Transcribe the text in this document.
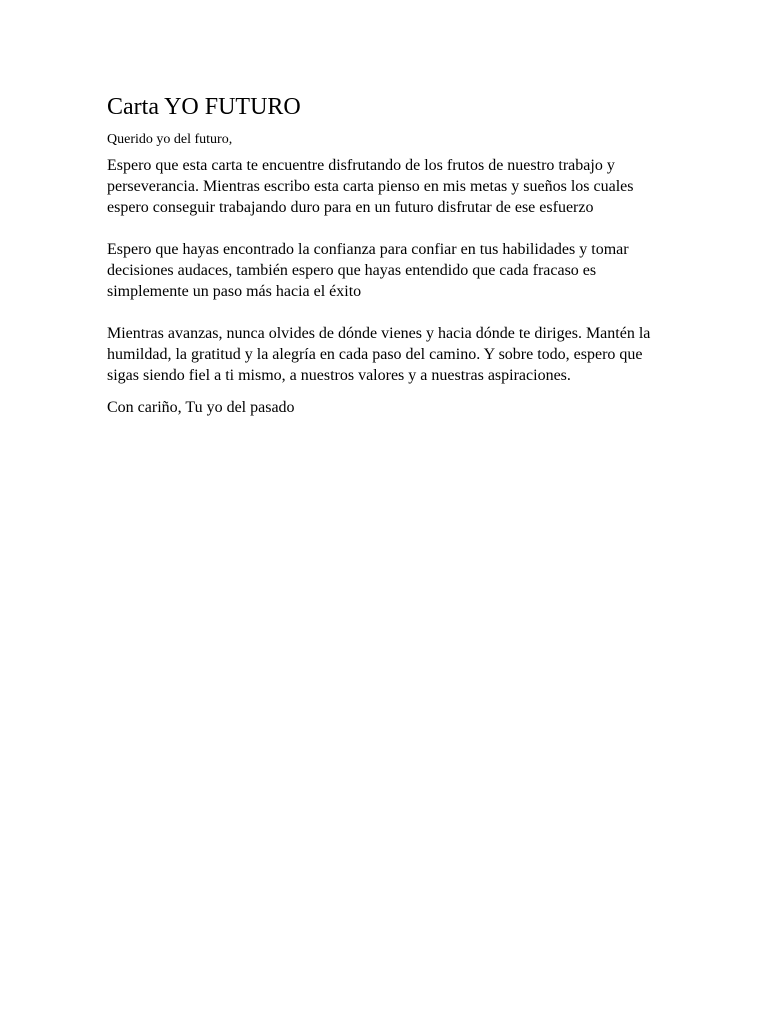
Carta YO FUTURO

Querido yo del futuro,

Espero que esta carta te encuentre disfrutando de los frutos de nuestro trabajo y perseverancia. Mientras escribo esta carta pienso en mis metas y sueños los cuales espero conseguir trabajando duro para en un futuro disfrutar de ese esfuerzo

Espero que hayas encontrado la confianza para confiar en tus habilidades y tomar decisiones audaces, también espero que hayas entendido que cada fracaso es simplemente un paso más hacia el éxito

Mientras avanzas, nunca olvides de dónde vienes y hacia dónde te diriges. Mantén la humildad, la gratitud y la alegría en cada paso del camino. Y sobre todo, espero que sigas siendo fiel a ti mismo, a nuestros valores y a nuestras aspiraciones.

Con cariño, Tu yo del pasado
